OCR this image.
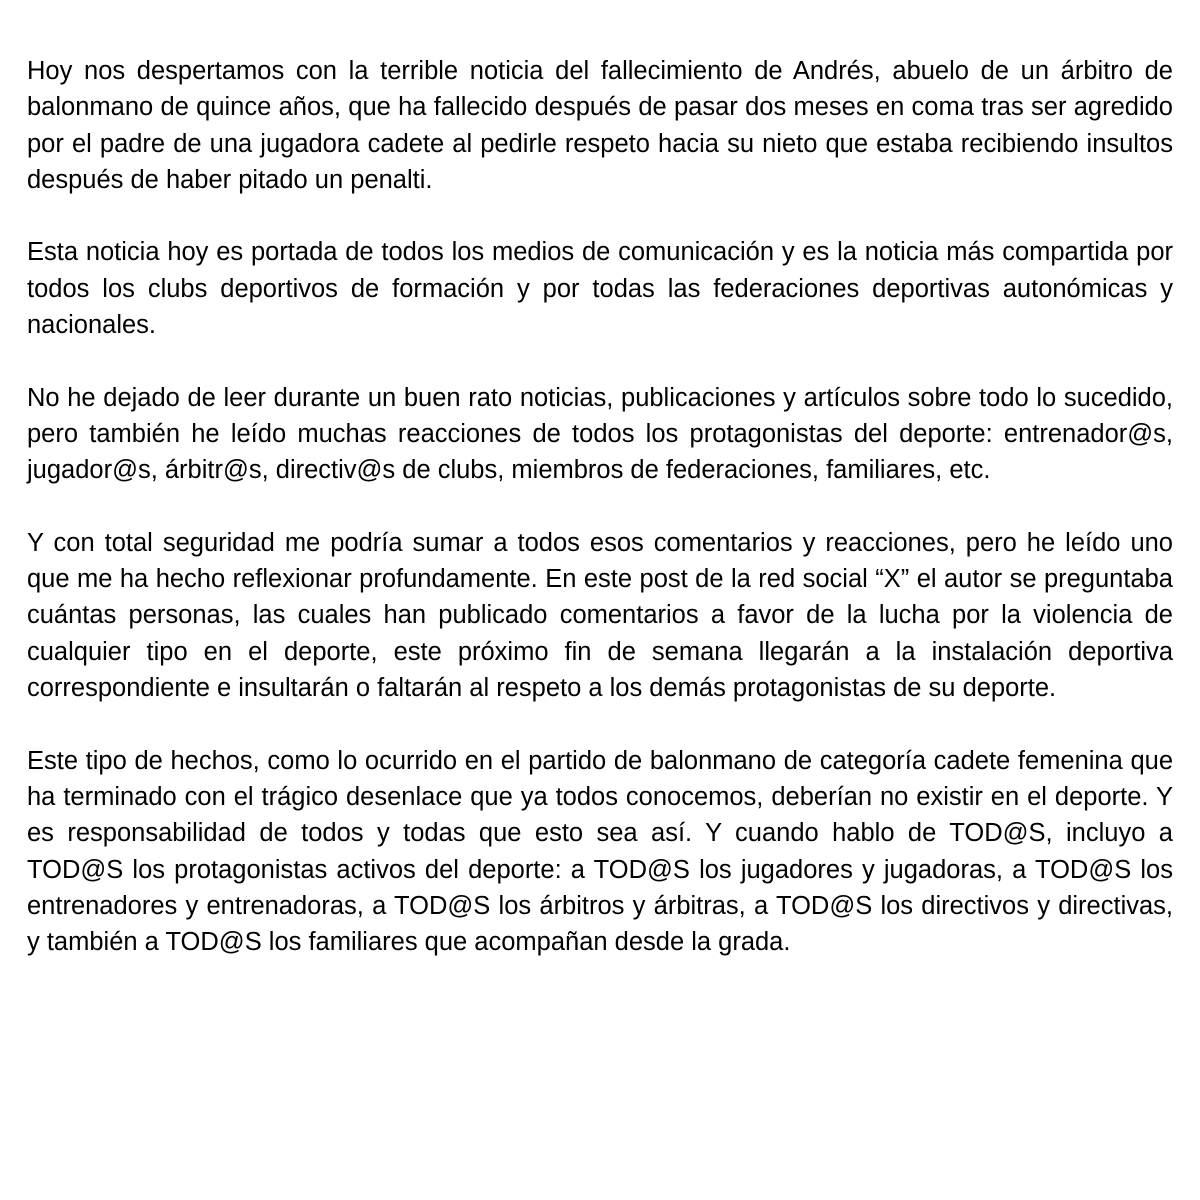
Hoy nos despertamos con la terrible noticia del fallecimiento de Andrés, abuelo de un árbitro de balonmano de quince años, que ha fallecido después de pasar dos meses en coma tras ser agredido por el padre de una jugadora cadete al pedirle respeto hacia su nieto que estaba recibiendo insultos después de haber pitado un penalti.

Esta noticia hoy es portada de todos los medios de comunicación y es la noticia más compartida por todos los clubs deportivos de formación y por todas las federaciones deportivas autonómicas y nacionales.

No he dejado de leer durante un buen rato noticias, publicaciones y artículos sobre todo lo sucedido, pero también he leído muchas reacciones de todos los protagonistas del deporte: entrenador@s, jugador@s, árbitr@s, directiv@s de clubs, miembros de federaciones, familiares, etc.

Y con total seguridad me podría sumar a todos esos comentarios y reacciones, pero he leído uno que me ha hecho reflexionar profundamente. En este post de la red social “X” el autor se preguntaba cuántas personas, las cuales han publicado comentarios a favor de la lucha por la violencia de cualquier tipo en el deporte, este próximo fin de semana llegarán a la instalación deportiva correspondiente e insultarán o faltarán al respeto a los demás protagonistas de su deporte.

Este tipo de hechos, como lo ocurrido en el partido de balonmano de categoría cadete femenina que ha terminado con el trágico desenlace que ya todos conocemos, deberían no existir en el deporte. Y es responsabilidad de todos y todas que esto sea así. Y cuando hablo de TOD@S, incluyo a TOD@S los protagonistas activos del deporte: a TOD@S los jugadores y jugadoras, a TOD@S los entrenadores y entrenadoras, a TOD@S los árbitros y árbitras, a TOD@S los directivos y directivas, y también a TOD@S los familiares que acompañan desde la grada.
